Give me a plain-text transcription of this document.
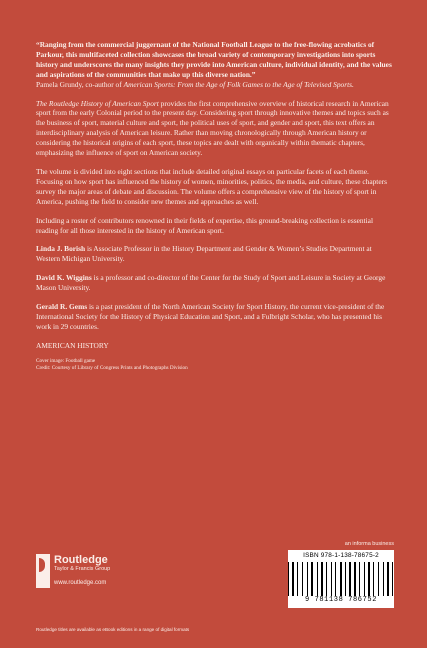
“Ranging from the commercial juggernaut of the National Football League to the free-flowing acrobatics of Parkour, this multifaceted collection showcases the broad variety of contemporary investigations into sports history and underscores the many insights they provide into American culture, individual identity, and the values and aspirations of the communities that make up this diverse nation.”

Pamela Grundy, co-author of American Sports: From the Age of Folk Games to the Age of Televised Sports.

The Routledge History of American Sport provides the first comprehensive overview of historical research in American sport from the early Colonial period to the present day. Considering sport through innovative themes and topics such as the business of sport, material culture and sport, the political uses of sport, and gender and sport, this text offers an interdisciplinary analysis of American leisure. Rather than moving chronologically through American history or considering the historical origins of each sport, these topics are dealt with organically within thematic chapters, emphasizing the influence of sport on American society.

The volume is divided into eight sections that include detailed original essays on particular facets of each theme. Focusing on how sport has influenced the history of women, minorities, politics, the media, and culture, these chapters survey the major areas of debate and discussion. The volume offers a comprehensive view of the history of sport in America, pushing the field to consider new themes and approaches as well.

Including a roster of contributors renowned in their fields of expertise, this ground-breaking collection is essential reading for all those interested in the history of American sport.

Linda J. Borish is Associate Professor in the History Department and Gender & Women’s Studies Department at Western Michigan University.

David K. Wiggins is a professor and co-director of the Center for the Study of Sport and Leisure in Society at George Mason University.

Gerald R. Gems is a past president of the North American Society for Sport History, the current vice-president of the International Society for the History of Physical Education and Sport, and a Fulbright Scholar, who has presented his work in 29 countries.

AMERICAN HISTORY

Cover image: Football game
Credit: Courtesy of Library of Congress Prints and Photographs Division
Routledge
Taylor & Francis Group
www.routledge.com
an informa business
ISBN 978-1-138-78675-2
9 781138 786752
Routledge titles are available as eBook editions in a range of digital formats
